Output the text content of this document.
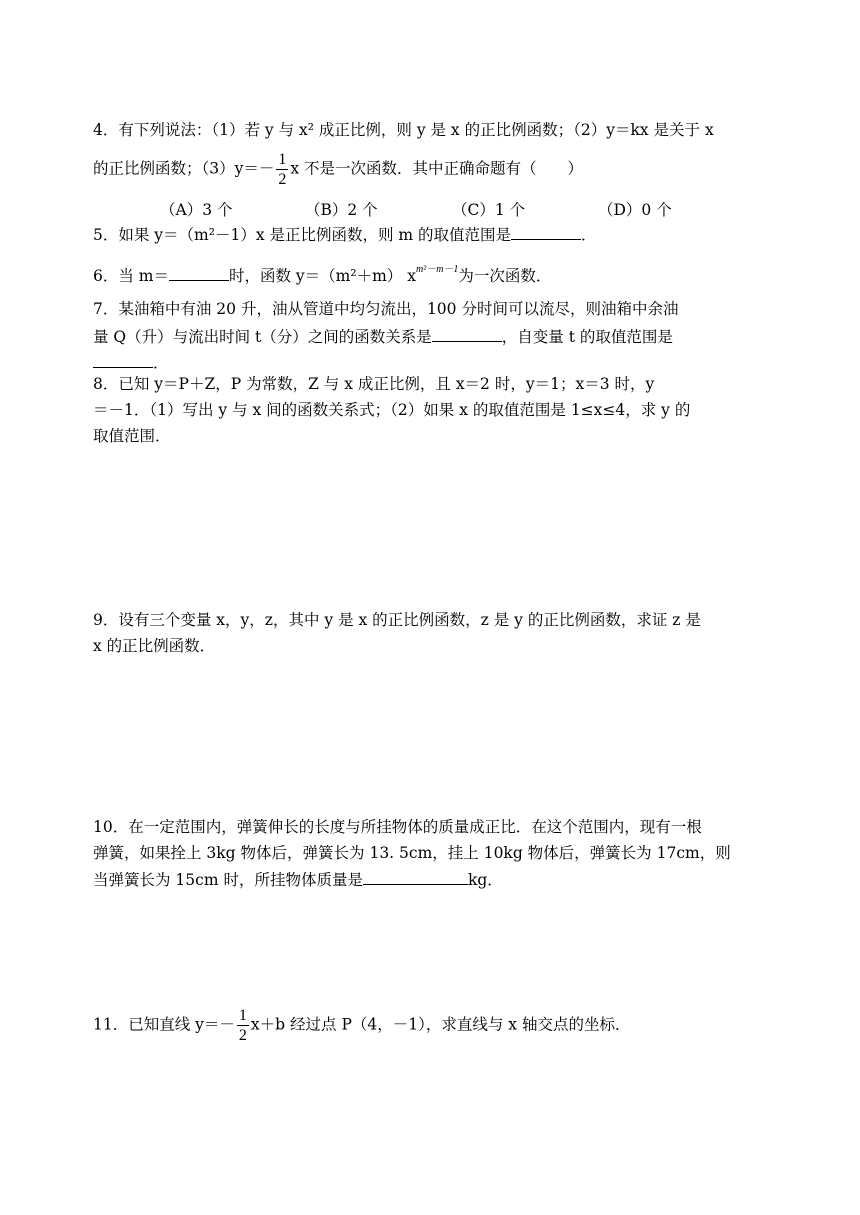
4．有下列说法：（1）若 y 与 x² 成正比例，则 y 是 x 的正比例函数；（2）y＝kx 是关于 x
的正比例函数；$(3)y=- \frac{1}{2}$ x 不是一次函数．其中正确命题有（　　）
（A）3 个	（B）2 个	（C）1 个	（D）0 个
5．如果 y＝（m²－1）x 是正比例函数，则 m 的取值范围是	．
6．当 m＝	时，函数 y＝（m²＋m） $x^{m^2-m-1}$为一次函数．
7．某油箱中有油 20 升，油从管道中均匀流出，100 分时间可以流尽，则油箱中余油
量 Q（升）与流出时间 t（分）之间的函数关系是	，自变量 t 的取值范围是
．
8．已知 y＝P＋Z，P 为常数，Z 与 x 成正比例，且 x＝2 时，y＝1；x＝3 时，y
＝－1．（1）写出 y 与 x 间的函数关系式；（2）如果 x 的取值范围是 1≤x≤4，求 y 的
取值范围．
9．设有三个变量 x，y，z，其中 y 是 x 的正比例函数，z 是 y 的正比例函数，求证 z 是
x 的正比例函数．
10．在一定范围内，弹簧伸长的长度与所挂物体的质量成正比．在这个范围内，现有一根
弹簧，如果拴上 3kg 物体后，弹簧长为 13. 5cm，挂上 10kg 物体后，弹簧长为 17cm，则
当弹簧长为 15cm 时，所挂物体质量是	kg．
11．已知直线 $y=- \frac{1}{2} x+b$ 经过点 P（4，－1），求直线与 x 轴交点的坐标．
